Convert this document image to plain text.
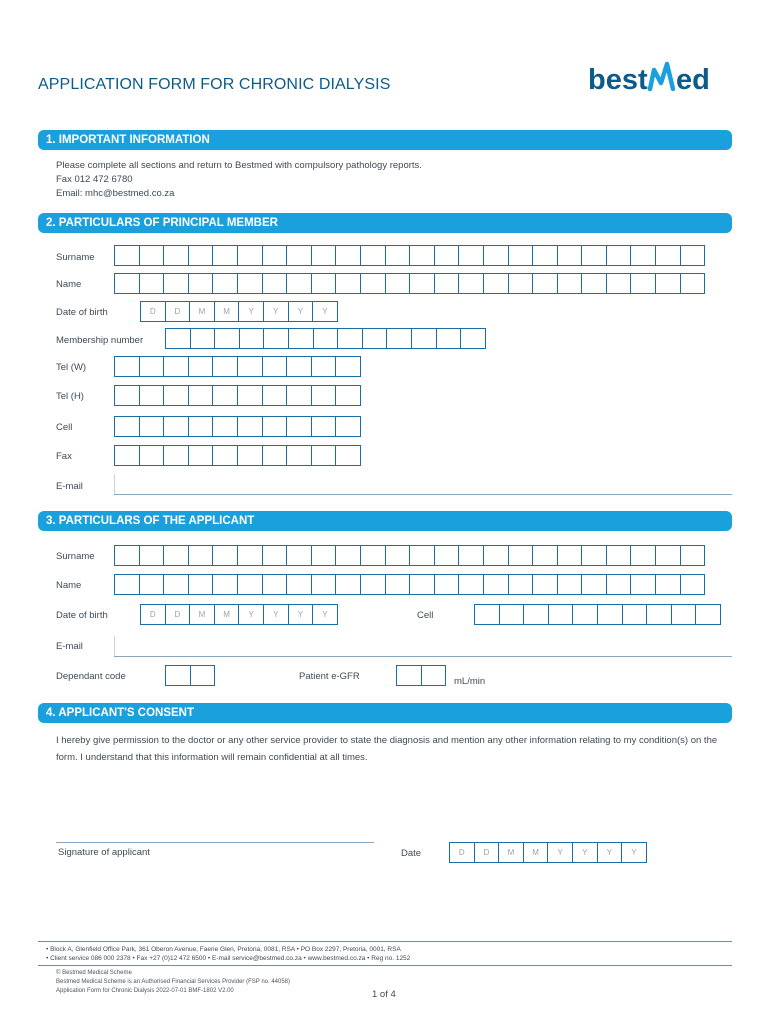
APPLICATION FORM FOR CHRONIC DIALYSIS	best ed
1. IMPORTANT INFORMATION
Please complete all sections and return to Bestmed with compulsory pathology reports.
Fax 012 472 6780
Email: mhc@bestmed.co.za
2. PARTICULARS OF PRINCIPAL MEMBER
Surname
Name
Date of birth	D	D	M	M	Y	Y	Y	Y
Membership number
Tel (W)
Tel (H)
Cell
Fax
E-mail
3. PARTICULARS OF THE APPLICANT
Surname
Name
Date of birth	D	D	M	M	Y	Y	Y	Y	Cell
E-mail
Dependant code	Patient e-GFR	mL/min
4. APPLICANT'S CONSENT
I hereby give permission to the doctor or any other service provider to state the diagnosis and mention any other information relating to my condition(s) on the form. I understand that this information will remain confidential at all times.
Signature of applicant	Date	D	D	M	M	Y	Y	Y	Y
• Block A, Glenfield Office Park, 361 Oberon Avenue, Faerie Glen, Pretoria, 0081, RSA • PO Box 2297, Pretoria, 0001, RSA
• Client service 086 000 2378 • Fax +27 (0)12 472 6500 • E-mail service@bestmed.co.za • www.bestmed.co.za • Reg no. 1252
© Bestmed Medical Scheme
Bestmed Medical Scheme is an Authorised Financial Services Provider (FSP no. 44058)
Application Form for Chronic Dialysis 2022-07-01 BMF-1802 V2.00	1 of 4
